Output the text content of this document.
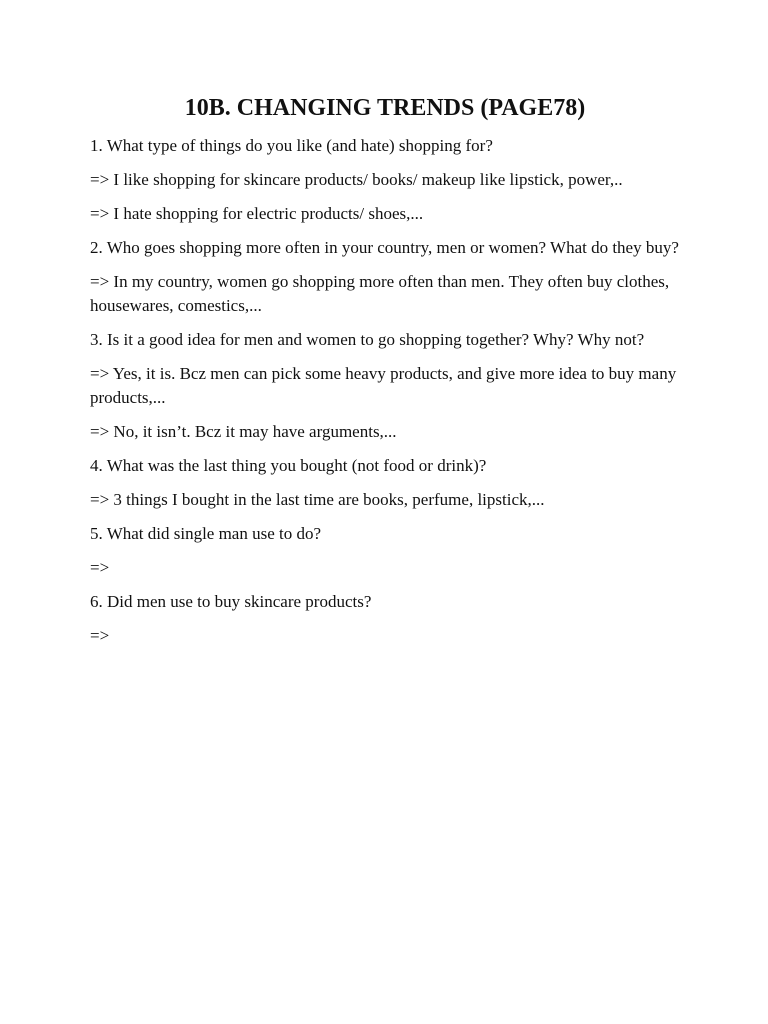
10B. CHANGING TRENDS (PAGE78)

1. What type of things do you like (and hate) shopping for?

=> I like shopping for skincare products/ books/ makeup like lipstick, power,..

=> I hate shopping for electric products/ shoes,...

2. Who goes shopping more often in your country, men or women? What do they buy?

=> In my country, women go shopping more often than men. They often buy clothes, housewares, comestics,...

3. Is it a good idea for men and women to go shopping together? Why? Why not?

=> Yes, it is. Bcz men can pick some heavy products, and give more idea to buy many products,...

=> No, it isn’t. Bcz it may have arguments,...

4. What was the last thing you bought (not food or drink)?

=> 3 things I bought in the last time are books, perfume, lipstick,...

5. What did single man use to do?

=>

6. Did men use to buy skincare products?

=>
